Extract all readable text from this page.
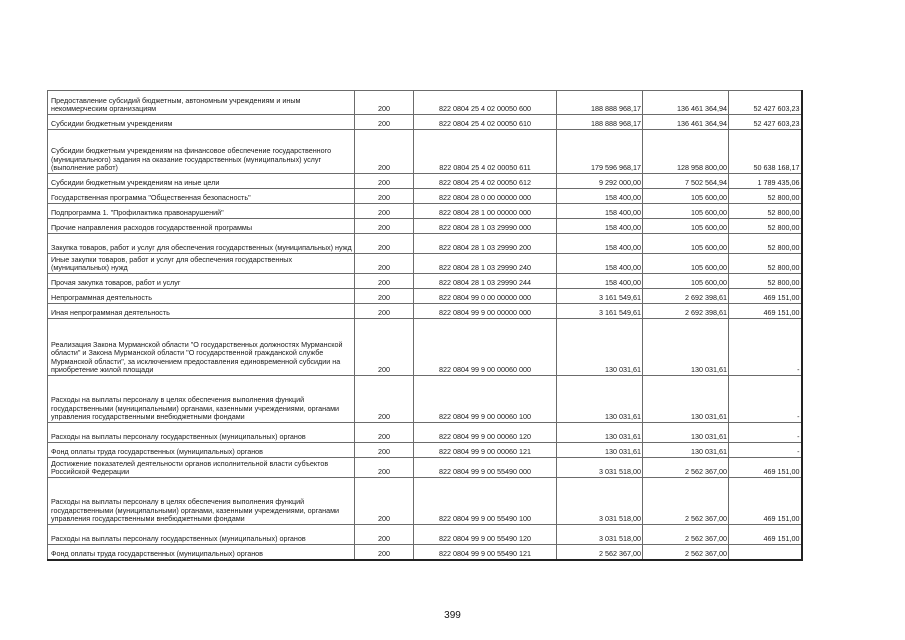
Предоставление субсидий бюджетным, автономным учреждениям и иным некоммерческим организациям	200	822 0804 25 4 02 00050 600	188 888 968,17	136 461 364,94	52 427 603,23
Субсидии бюджетным учреждениям	200	822 0804 25 4 02 00050 610	188 888 968,17	136 461 364,94	52 427 603,23
Субсидии бюджетным учреждениям на финансовое обеспечение государственного (муниципального) задания на оказание государственных (муниципальных) услуг (выполнение работ)	200	822 0804 25 4 02 00050 611	179 596 968,17	128 958 800,00	50 638 168,17
Субсидии бюджетным учреждениям на иные цели	200	822 0804 25 4 02 00050 612	9 292 000,00	7 502 564,94	1 789 435,06
Государственная программа "Общественная безопасность"	200	822 0804 28 0 00 00000 000	158 400,00	105 600,00	52 800,00
Подпрограмма 1. "Профилактика правонарушений"	200	822 0804 28 1 00 00000 000	158 400,00	105 600,00	52 800,00
Прочие направления расходов государственной программы	200	822 0804 28 1 03 29990 000	158 400,00	105 600,00	52 800,00
Закупка товаров, работ и услуг для обеспечения государственных (муниципальных) нужд	200	822 0804 28 1 03 29990 200	158 400,00	105 600,00	52 800,00
Иные закупки товаров, работ и услуг для обеспечения государственных (муниципальных) нужд	200	822 0804 28 1 03 29990 240	158 400,00	105 600,00	52 800,00
Прочая закупка товаров, работ и услуг	200	822 0804 28 1 03 29990 244	158 400,00	105 600,00	52 800,00
Непрограммная деятельность	200	822 0804 99 0 00 00000 000	3 161 549,61	2 692 398,61	469 151,00
Иная непрограммная деятельность	200	822 0804 99 9 00 00000 000	3 161 549,61	2 692 398,61	469 151,00
Реализация Закона Мурманской области "О государственных должностях Мурманской области" и Закона Мурманской области "О государственной гражданской службе Мурманской области", за исключением предоставления единовременной субсидии на приобретение жилой площади	200	822 0804 99 9 00 00060 000	130 031,61	130 031,61	-
Расходы на выплаты персоналу в целях обеспечения выполнения функций государственными (муниципальными) органами, казенными учреждениями, органами управления государственными внебюджетными фондами	200	822 0804 99 9 00 00060 100	130 031,61	130 031,61	-
Расходы на выплаты персоналу государственных (муниципальных) органов	200	822 0804 99 9 00 00060 120	130 031,61	130 031,61	-
Фонд оплаты труда государственных (муниципальных) органов	200	822 0804 99 9 00 00060 121	130 031,61	130 031,61	-
Достижение показателей деятельности органов исполнительной власти субъектов Российской Федерации	200	822 0804 99 9 00 55490 000	3 031 518,00	2 562 367,00	469 151,00
Расходы на выплаты персоналу в целях обеспечения выполнения функций государственными (муниципальными) органами, казенными учреждениями, органами управления государственными внебюджетными фондами	200	822 0804 99 9 00 55490 100	3 031 518,00	2 562 367,00	469 151,00
Расходы на выплаты персоналу государственных (муниципальных) органов	200	822 0804 99 9 00 55490 120	3 031 518,00	2 562 367,00	469 151,00
Фонд оплаты труда государственных (муниципальных) органов	200	822 0804 99 9 00 55490 121	2 562 367,00	2 562 367,00	
399
